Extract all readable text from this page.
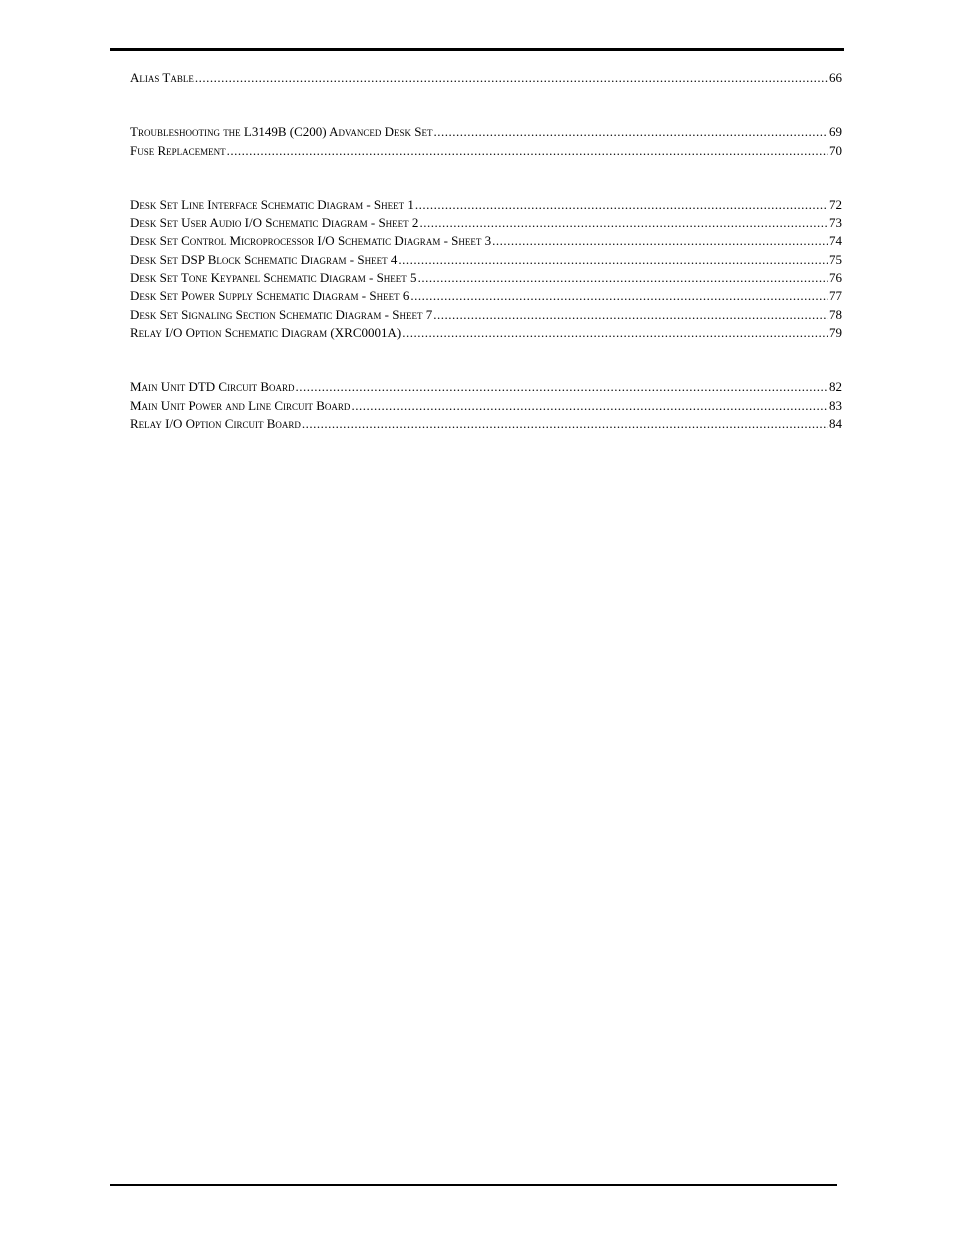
Alias Table .....	66
Troubleshooting the L3149B (C200) Advanced Desk Set .....	69
Fuse Replacement .....	70
Desk Set Line Interface Schematic Diagram - Sheet 1 .....	72
Desk Set User Audio I/O Schematic Diagram - Sheet 2 .....	73
Desk Set Control Microprocessor I/O Schematic Diagram - Sheet 3 .....	74
Desk Set DSP Block Schematic Diagram - Sheet 4 .....	75
Desk Set Tone Keypanel Schematic Diagram - Sheet 5 .....	76
Desk Set Power Supply Schematic Diagram - Sheet 6 .....	77
Desk Set Signaling Section Schematic Diagram - Sheet 7 .....	78
Relay I/O Option Schematic Diagram (XRC0001A) .....	79
Main Unit DTD Circuit Board .....	82
Main Unit Power and Line Circuit Board .....	83
Relay I/O Option Circuit Board .....	84
